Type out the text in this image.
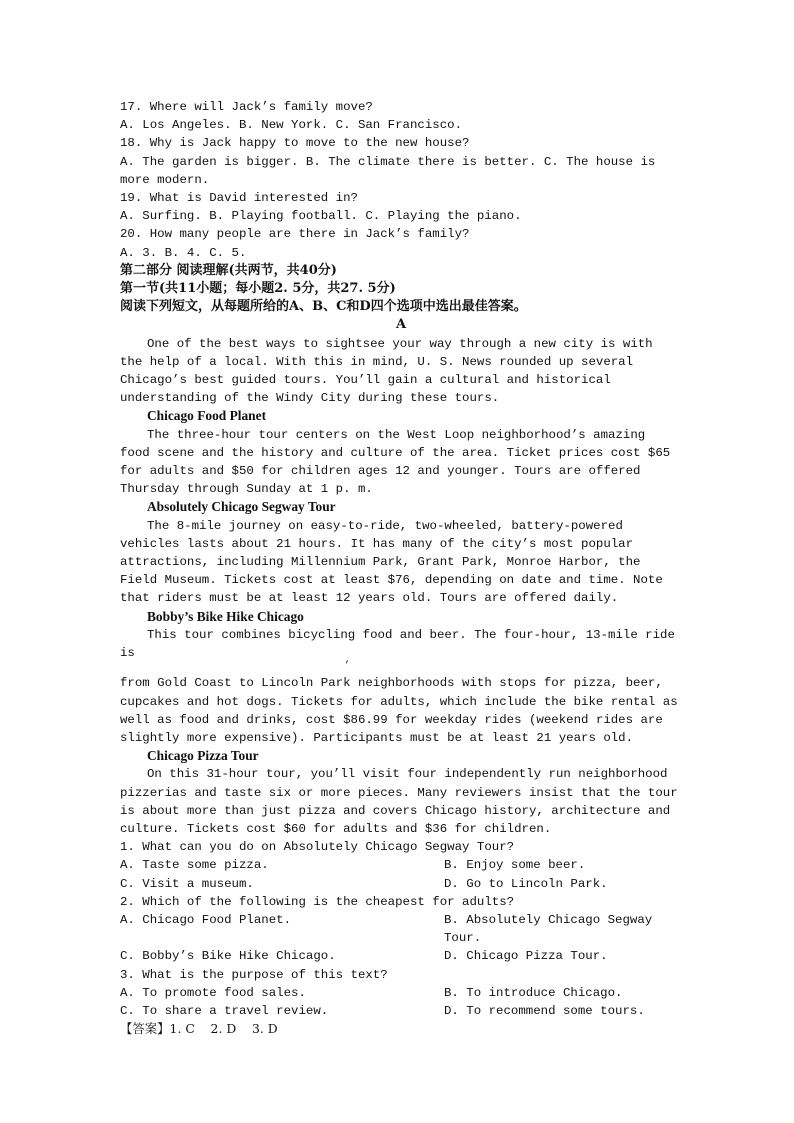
17. Where will Jack’s family move?

A. Los Angeles. B. New York. C. San Francisco.

18. Why is Jack happy to move to the new house?

A. The garden is bigger. B. The climate there is better. C. The house is more modern.

19. What is David interested in?

A. Surfing. B. Playing football. C. Playing the piano.

20. How many people are there in Jack’s family?

A. 3. B. 4. C. 5.

第二部分 阅读理解(共两节，共40分)

第一节(共11小题；每小题2. 5分，共27. 5分)

阅读下列短文，从每题所给的A、B、C和D四个选项中选出最佳答案。

A

One of the best ways to sightsee your way through a new city is with the help of a local. With this in mind, U. S. News rounded up several Chicago’s best guided tours. You’ll gain a cultural and historical understanding of the Windy City during these tours.

Chicago Food Planet

The three-hour tour centers on the West Loop neighborhood’s amazing food scene and the history and culture of the area. Ticket prices cost $65 for adults and $50 for children ages 12 and younger. Tours are offered Thursday through Sunday at 1 p. m.

Absolutely Chicago Segway Tour

The 8-mile journey on easy-to-ride, two-wheeled, battery-powered vehicles lasts about 21 hours. It has many of the city’s most popular attractions, including Millennium Park, Grant Park, Monroe Harbor, the Field Museum. Tickets cost at least $76, depending on date and time. Note that riders must be at least 12 years old. Tours are offered daily.

Bobby’s Bike Hike Chicago

This tour combines bicycling food and beer. The four-hour, 13-mile ride is

’

from Gold Coast to Lincoln Park neighborhoods with stops for pizza, beer, cupcakes and hot dogs. Tickets for adults, which include the bike rental as well as food and drinks, cost $86.99 for weekday rides (weekend rides are slightly more expensive). Participants must be at least 21 years old.

Chicago Pizza Tour

On this 31-hour tour, you’ll visit four independently run neighborhood pizzerias and taste six or more pieces. Many reviewers insist that the tour is about more than just pizza and covers Chicago history, architecture and culture. Tickets cost $60 for adults and $36 for children.

1. What can you do on Absolutely Chicago Segway Tour?

A. Taste some pizza.	B. Enjoy some beer.
C. Visit a museum.	D. Go to Lincoln Park.

2. Which of the following is the cheapest for adults?

A. Chicago Food Planet.	B. Absolutely Chicago Segway Tour.
C. Bobby’s Bike Hike Chicago.	D. Chicago Pizza Tour.

3. What is the purpose of this text?

A. To promote food sales.	B. To introduce Chicago.
C. To share a travel review.	D. To recommend some tours.

【答案】1. C    2. D    3. D
